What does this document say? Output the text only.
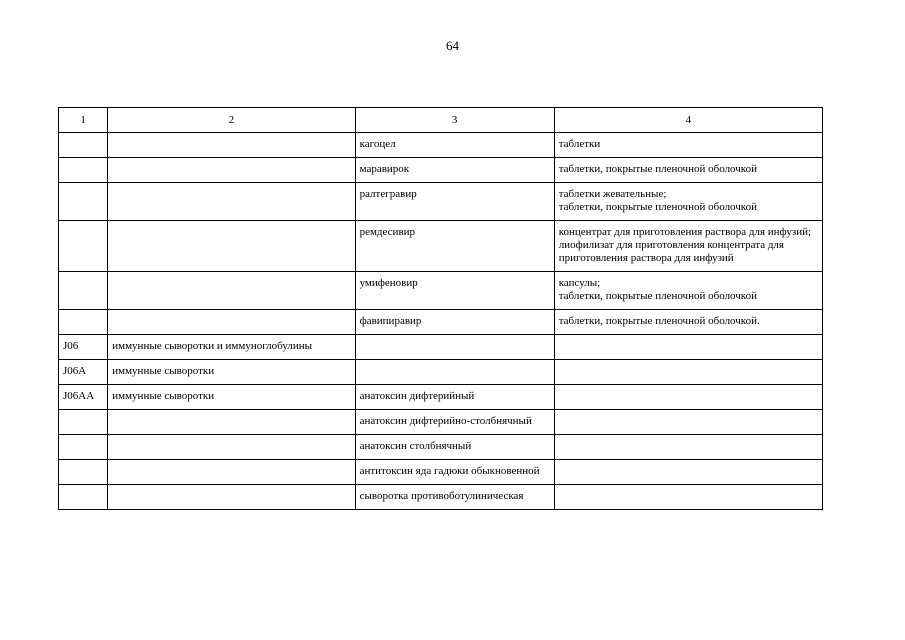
64
1	2	3	4
		кагоцел	таблетки

		маравирок	таблетки, покрытые пленочной оболочкой

		ралтегравир	таблетки жевательные;
таблетки, покрытые пленочной оболочкой

		ремдесивир	концентрат для приготовления раствора для инфузий;
лиофилизат для приготовления концентрата для приготовления раствора для инфузий

		умифеновир	капсулы;
таблетки, покрытые пленочной оболочкой

		фавипиравир	таблетки, покрытые пленочной оболочкой.

J06	иммунные сыворотки и иммуноглобулины		

J06A	иммунные сыворотки		

J06AA	иммунные сыворотки	анатоксин дифтерийный	

		анатоксин дифтерийно-столбнячный	

		анатоксин столбнячный	

		антитоксин яда гадюки обыкновенной	

		сыворотка противоботулиническая	
